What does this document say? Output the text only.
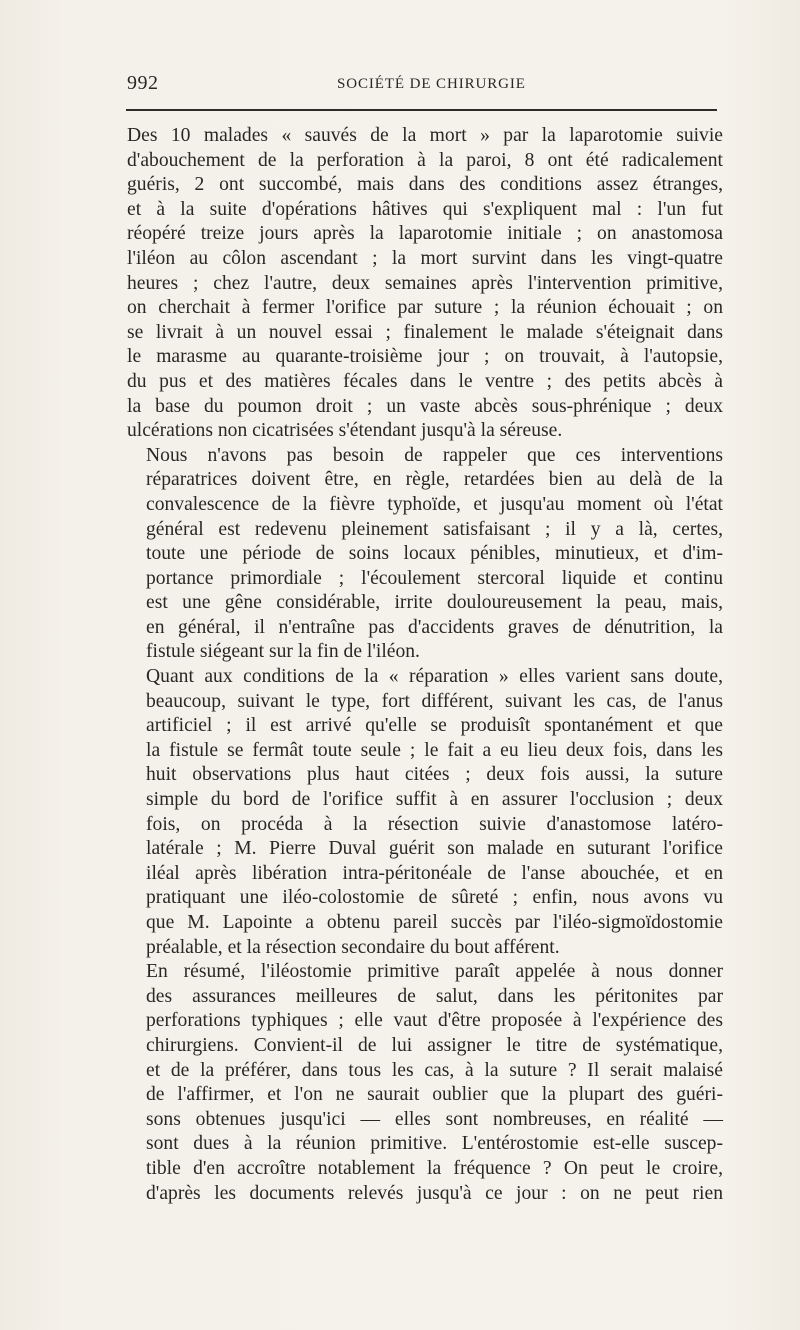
992	SOCIÉTÉ DE CHIRURGIE

Des 10 malades « sauvés de la mort » par la laparotomie suivie
d'abouchement de la perforation à la paroi, 8 ont été radicalement
guéris, 2 ont succombé, mais dans des conditions assez étranges,
et à la suite d'opérations hâtives qui s'expliquent mal : l'un fut
réopéré treize jours après la laparotomie initiale ; on anastomosa
l'iléon au côlon ascendant ; la mort survint dans les vingt-quatre
heures ; chez l'autre, deux semaines après l'intervention primitive,
on cherchait à fermer l'orifice par suture ; la réunion échouait ; on
se livrait à un nouvel essai ; finalement le malade s'éteignait dans
le marasme au quarante-troisième jour ; on trouvait, à l'autopsie,
du pus et des matières fécales dans le ventre ; des petits abcès à
la base du poumon droit ; un vaste abcès sous-phrénique ; deux
ulcérations non cicatrisées s'étendant jusqu'à la séreuse.

Nous n'avons pas besoin de rappeler que ces interventions
réparatrices doivent être, en règle, retardées bien au delà de la
convalescence de la fièvre typhoïde, et jusqu'au moment où l'état
général est redevenu pleinement satisfaisant ; il y a là, certes,
toute une période de soins locaux pénibles, minutieux, et d'im-
portance primordiale ; l'écoulement stercoral liquide et continu
est une gêne considérable, irrite douloureusement la peau, mais,
en général, il n'entraîne pas d'accidents graves de dénutrition, la
fistule siégeant sur la fin de l'iléon.

Quant aux conditions de la « réparation » elles varient sans doute,
beaucoup, suivant le type, fort différent, suivant les cas, de l'anus
artificiel ; il est arrivé qu'elle se produisît spontanément et que
la fistule se fermât toute seule ; le fait a eu lieu deux fois, dans les
huit observations plus haut citées ; deux fois aussi, la suture
simple du bord de l'orifice suffit à en assurer l'occlusion ; deux
fois, on procéda à la résection suivie d'anastomose latéro-
latérale ; M. Pierre Duval guérit son malade en suturant l'orifice
iléal après libération intra-péritonéale de l'anse abouchée, et en
pratiquant une iléo-colostomie de sûreté ; enfin, nous avons vu
que M. Lapointe a obtenu pareil succès par l'iléo-sigmoïdostomie
préalable, et la résection secondaire du bout afférent.

En résumé, l'iléostomie primitive paraît appelée à nous donner
des assurances meilleures de salut, dans les péritonites par
perforations typhiques ; elle vaut d'être proposée à l'expérience des
chirurgiens. Convient-il de lui assigner le titre de systématique,
et de la préférer, dans tous les cas, à la suture ? Il serait malaisé
de l'affirmer, et l'on ne saurait oublier que la plupart des guéri-
sons obtenues jusqu'ici — elles sont nombreuses, en réalité —
sont dues à la réunion primitive. L'entérostomie est-elle suscep-
tible d'en accroître notablement la fréquence ? On peut le croire,
d'après les documents relevés jusqu'à ce jour : on ne peut rien
